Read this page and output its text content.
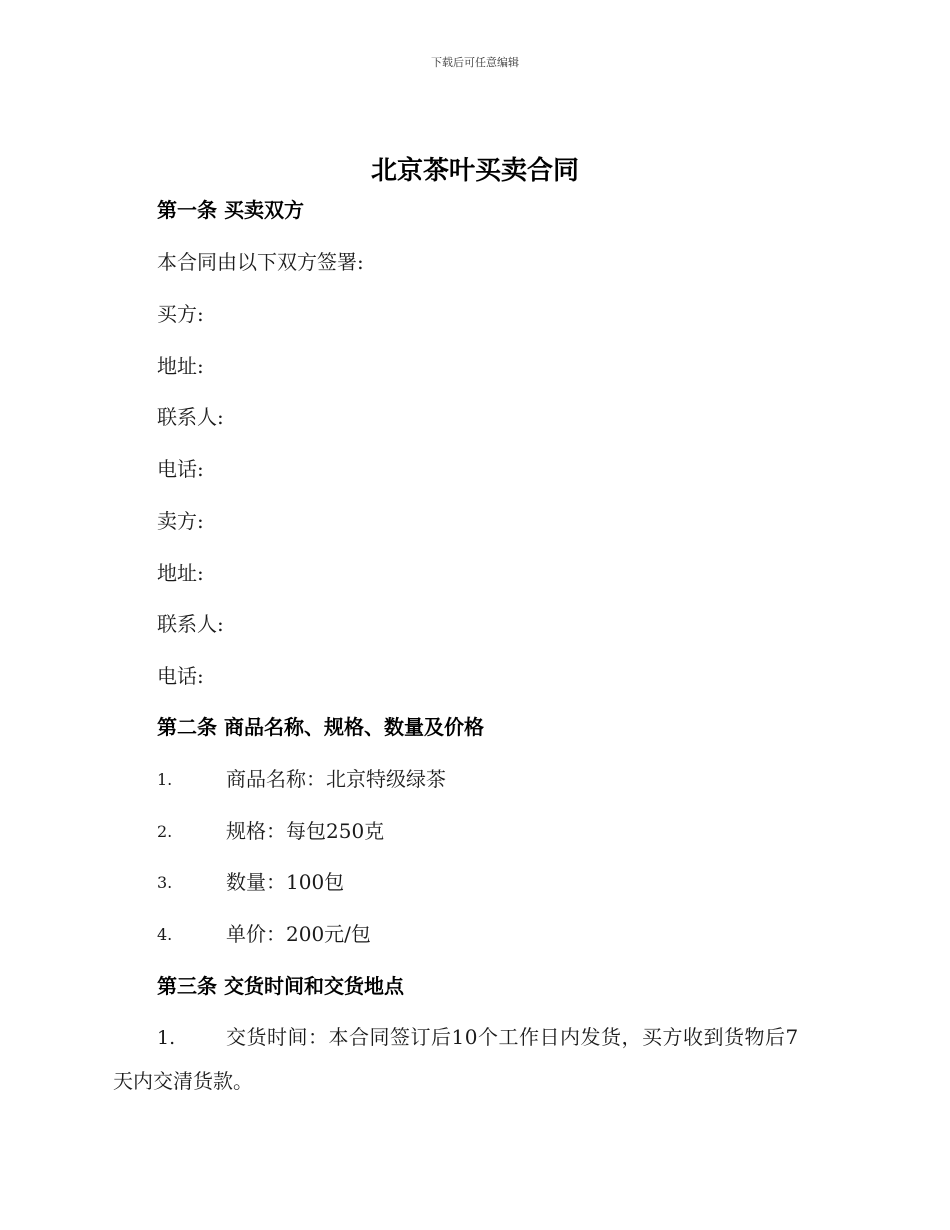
下载后可任意编辑
北京茶叶买卖合同
第一条 买卖双方
本合同由以下双方签署:
买方:
地址:
联系人:
电话:
卖方:
地址:
联系人:
电话:
第二条 商品名称、规格、数量及价格
1.	商品名称：北京特级绿茶
2.	规格：每包250克
3.	数量：100包
4.	单价：200元/包
第三条 交货时间和交货地点
1.	交货时间：本合同签订后10个工作日内发货，买方收到货物后7
天内交清货款。
